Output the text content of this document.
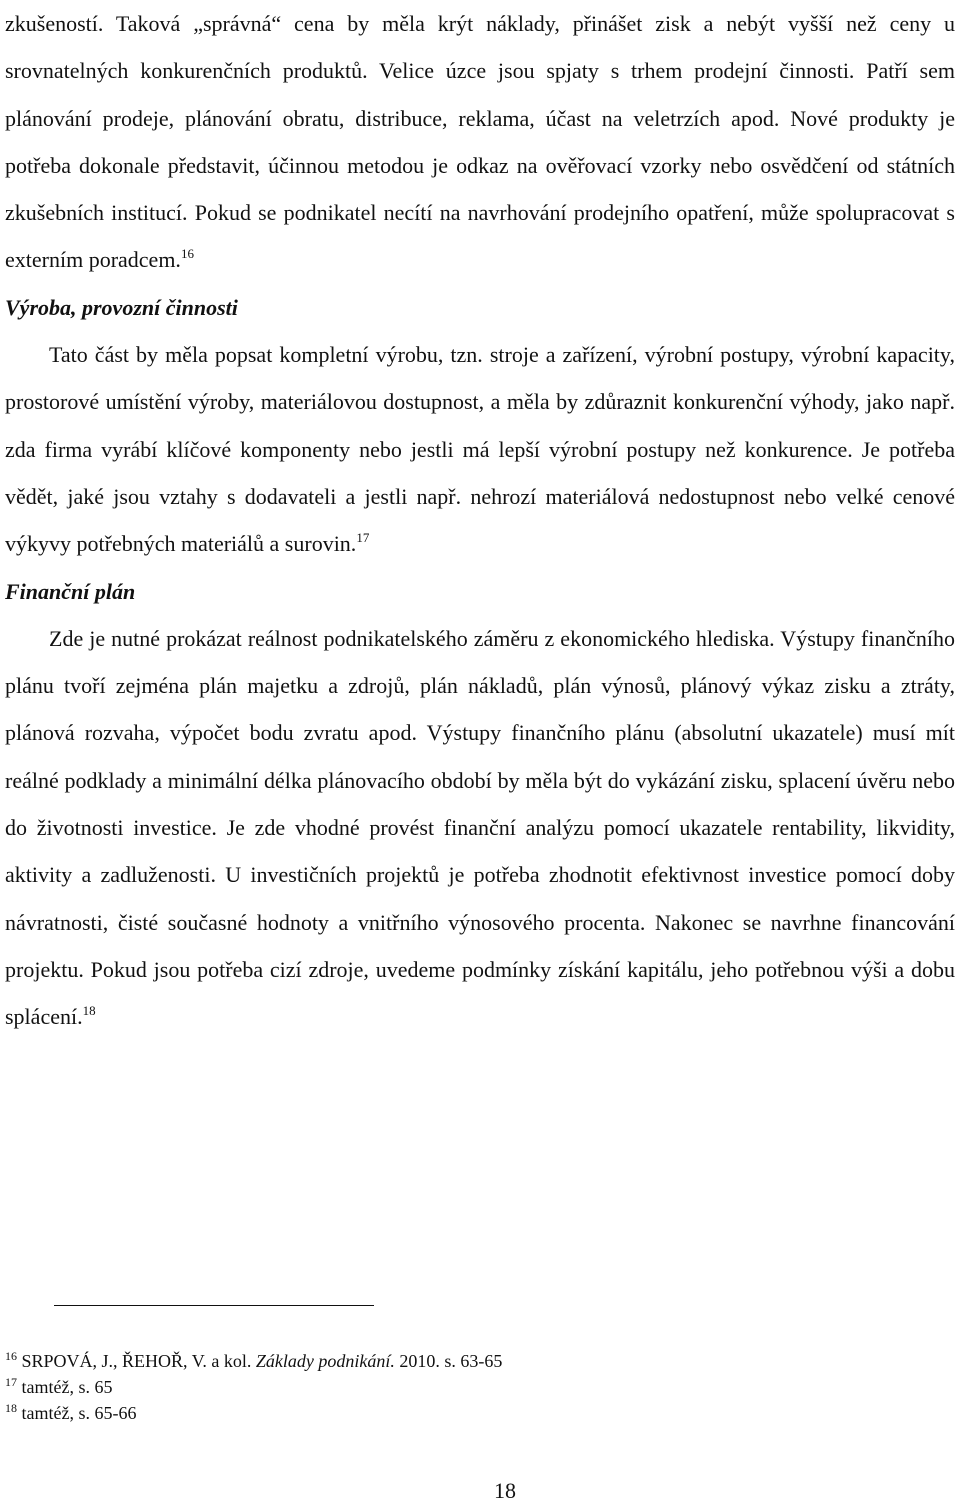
zkušeností. Taková „správná“ cena by měla krýt náklady, přinášet zisk a nebýt vyšší než ceny u srovnatelných konkurenčních produktů. Velice úzce jsou spjaty s trhem prodejní činnosti. Patří sem plánování prodeje, plánování obratu, distribuce, reklama, účast na veletrzích apod. Nové produkty je potřeba dokonale představit, účinnou metodou je odkaz na ověřovací vzorky nebo osvědčení od státních zkušebních institucí. Pokud se podnikatel necítí na navrhování prodejního opatření, může spolupracovat s externím poradcem.$^{16}$

Výroba, provozní činnosti

Tato část by měla popsat kompletní výrobu, tzn. stroje a zařízení, výrobní postupy, výrobní kapacity, prostorové umístění výroby, materiálovou dostupnost, a měla by zdůraznit konkurenční výhody, jako např. zda firma vyrábí klíčové komponenty nebo jestli má lepší výrobní postupy než konkurence. Je potřeba vědět, jaké jsou vztahy s dodavateli a jestli např. nehrozí materiálová nedostupnost nebo velké cenové výkyvy potřebných materiálů a surovin.$^{17}$

Finanční plán

Zde je nutné prokázat reálnost podnikatelského záměru z ekonomického hlediska. Výstupy finančního plánu tvoří zejména plán majetku a zdrojů, plán nákladů, plán výnosů, plánový výkaz zisku a ztráty, plánová rozvaha, výpočet bodu zvratu apod. Výstupy finančního plánu (absolutní ukazatele) musí mít reálné podklady a minimální délka plánovacího období by měla být do vykázání zisku, splacení úvěru nebo do životnosti investice. Je zde vhodné provést finanční analýzu pomocí ukazatele rentability, likvidity, aktivity a zadluženosti. U investičních projektů je potřeba zhodnotit efektivnost investice pomocí doby návratnosti, čisté současné hodnoty a vnitřního výnosového procenta. Nakonec se navrhne financování projektu. Pokud jsou potřeba cizí zdroje, uvedeme podmínky získání kapitálu, jeho potřebnou výši a dobu splácení.$^{18}$

$^{16}$ SRPOVÁ, J., ŘEHOŘ, V. a kol. Základy podnikání. 2010. s. 63-65
$^{17}$ tamtéž, s. 65
$^{18}$ tamtéž, s. 65-66
18
